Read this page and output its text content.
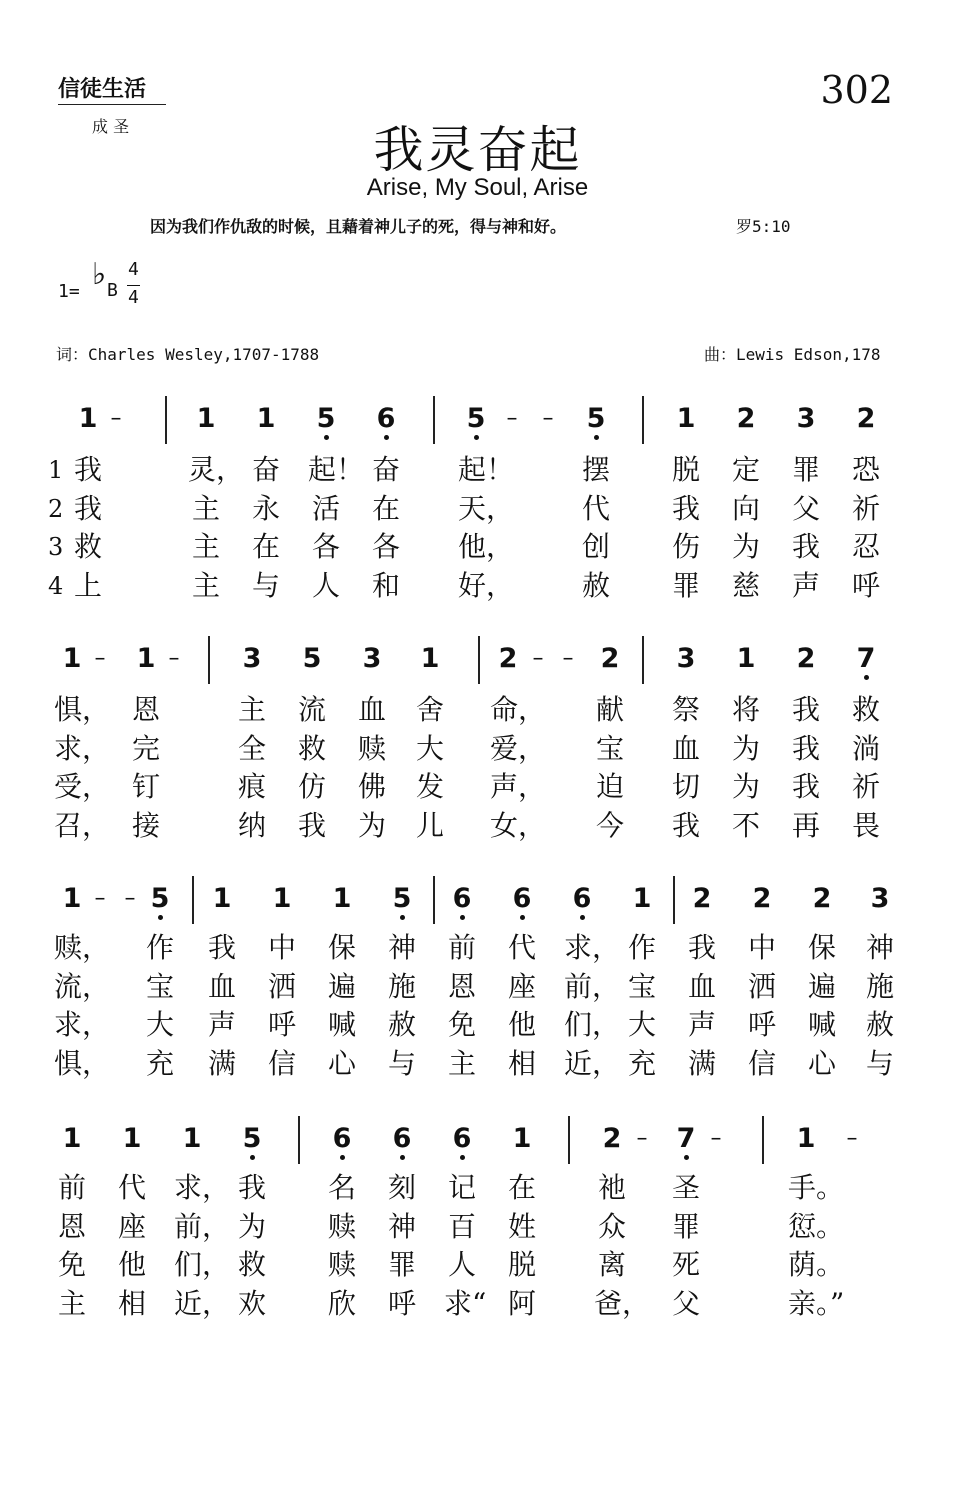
信徒生活
成 圣
302
我灵奋起
Arise, My Soul, Arise
因为我们作仇敌的时候，且藉着神儿子的死，得与神和好。	罗5:10
1= ♭ B
4
4
词：Charles Wesley,1707-1788	曲：Lewis Edson,178
1 –	1 1 5 6	5 – – 5	1 2 3 2
1 我	灵， 奋 起！ 奋 起！ 摆 脱 定 罪 恐
2 我	主 永 活 在 天， 代 我 向 父 祈
3 救	主 在 各 各 他， 创 伤 为 我 忍
4 上	主 与 人 和 好， 赦 罪 慈 声 呼
1 – 1 – 3 5 3 1 2 – – 2 3 1 2 7
惧， 恩	主 流 血 舍 命， 献 祭 将 我 救
求， 完	全 救 赎 大 爱， 宝 血 为 我 淌
受， 钉	痕 仿 佛 发 声， 迫 切 为 我 祈
召， 接	纳 我 为 儿 女， 今 我 不 再 畏
1 – – 5 1 1 1 5 6 6 6 1 2 2 2 3
赎， 作 我 中 保 神 前 代 求， 作 我 中 保 神
流， 宝 血 洒 遍 施 恩 座 前， 宝 血 洒 遍 施
求， 大 声 呼 喊 赦 免 他 们， 大 声 呼 喊 赦
惧， 充 满 信 心 与 主 相 近， 充 满 信 心 与
1 1 1 5	6 6 6 1	2 – 7 –	1	–
前 代 求， 我 名 刻 记 在 祂 圣	手。
恩 座 前， 为 赎 神 百 姓 众 罪	愆。
免 他 们， 救 赎 罪 人 脱 离 死	荫。
主 相 近， 欢 欣 呼 求“ 阿 爸， 父	亲。”
